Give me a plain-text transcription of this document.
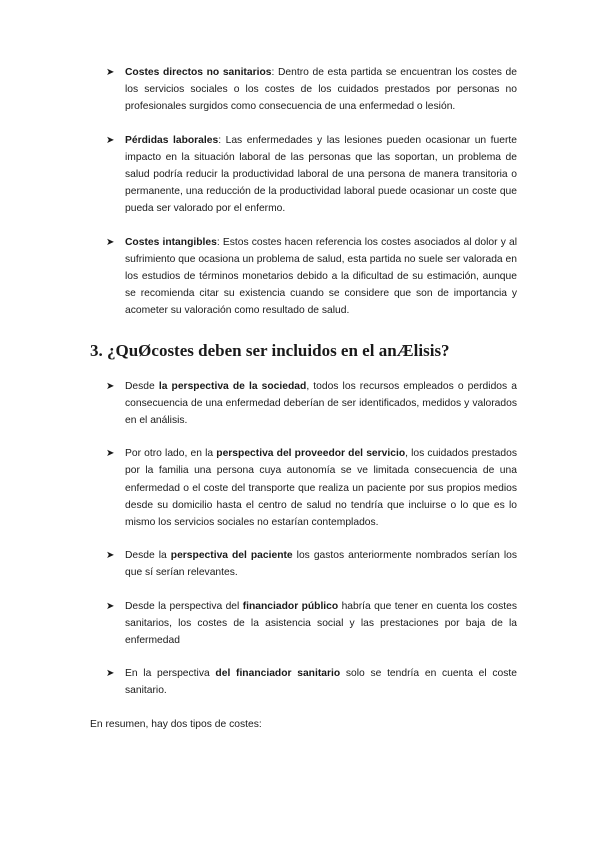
➤ Costes directos no sanitarios: Dentro de esta partida se encuentran los costes de los servicios sociales o los costes de los cuidados prestados por personas no profesionales surgidos como consecuencia de una enfermedad o lesión.
➤ Pérdidas laborales: Las enfermedades y las lesiones pueden ocasionar un fuerte impacto en la situación laboral de las personas que las soportan, un problema de salud podría reducir la productividad laboral de una persona de manera transitoria o permanente, una reducción de la productividad laboral puede ocasionar un coste que pueda ser valorado por el enfermo.
➤ Costes intangibles: Estos costes hacen referencia los costes asociados al dolor y al sufrimiento que ocasiona un problema de salud, esta partida no suele ser valorada en los estudios de términos monetarios debido a la dificultad de su estimación, aunque se recomienda citar su existencia cuando se considere que son de importancia y acometer su valoración como resultado de salud.
3. ¿QuØcostes deben ser incluidos en el anÆlisis?
➤ Desde la perspectiva de la sociedad, todos los recursos empleados o perdidos a consecuencia de una enfermedad deberían de ser identificados, medidos y valorados en el análisis.
➤ Por otro lado, en la perspectiva del proveedor del servicio, los cuidados prestados por la familia una persona cuya autonomía se ve limitada consecuencia de una enfermedad o el coste del transporte que realiza un paciente por sus propios medios desde su domicilio hasta el centro de salud no tendría que incluirse o lo que es lo mismo los servicios sociales no estarían contemplados.
➤ Desde la perspectiva del paciente los gastos anteriormente nombrados serían los que sí serían relevantes.
➤ Desde la perspectiva del financiador público habría que tener en cuenta los costes sanitarios, los costes de la asistencia social y las prestaciones por baja de la enfermedad
➤ En la perspectiva del financiador sanitario solo se tendría en cuenta el coste sanitario.
En resumen, hay dos tipos de costes:
